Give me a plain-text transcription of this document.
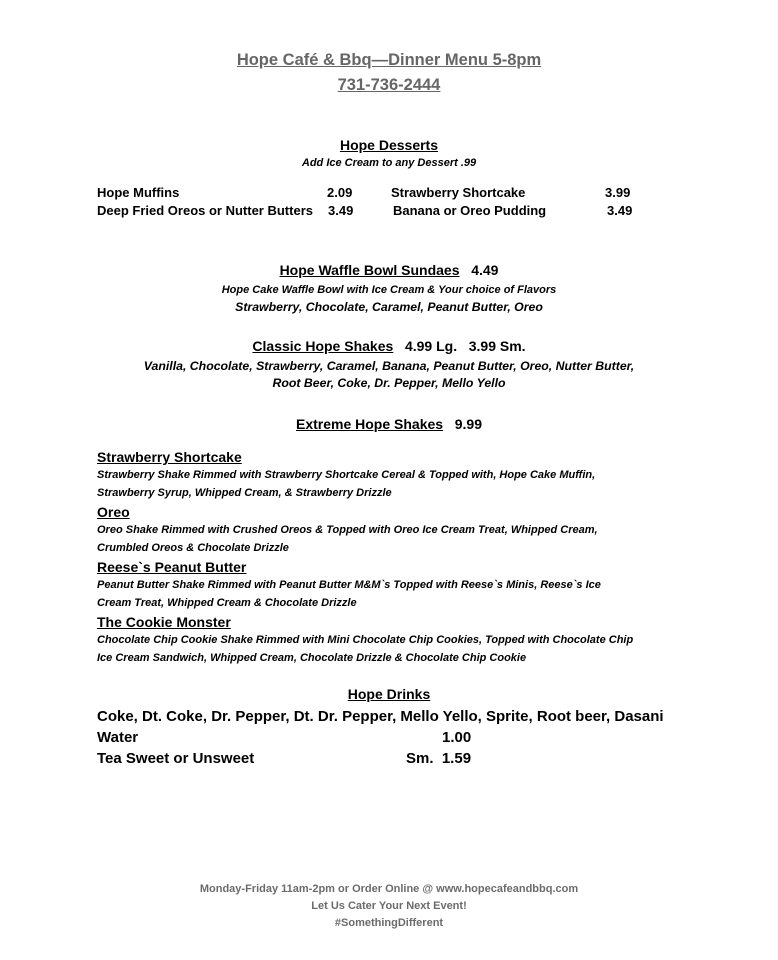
Hope Café & Bbq—Dinner Menu 5-8pm
731-736-2444
Hope Desserts
Add Ice Cream to any Dessert .99
Hope Muffins	2.09
Deep Fried Oreos or Nutter Butters 3.49
Strawberry Shortcake	3.99
Banana or Oreo Pudding	3.49
Hope Waffle Bowl Sundaes 4.49
Hope Cake Waffle Bowl with Ice Cream & Your choice of Flavors
Strawberry, Chocolate, Caramel, Peanut Butter, Oreo
Classic Hope Shakes 4.99 Lg.   3.99 Sm.
Vanilla, Chocolate, Strawberry, Caramel, Banana, Peanut Butter, Oreo, Nutter Butter,
Root Beer, Coke, Dr. Pepper, Mello Yello
Extreme Hope Shakes 9.99
Strawberry Shortcake
Strawberry Shake Rimmed with Strawberry Shortcake Cereal & Topped with, Hope Cake Muffin,
Strawberry Syrup, Whipped Cream, & Strawberry Drizzle
Oreo
Oreo Shake Rimmed with Crushed Oreos & Topped with Oreo Ice Cream Treat, Whipped Cream,
Crumbled Oreos & Chocolate Drizzle
Reese`s Peanut Butter
Peanut Butter Shake Rimmed with Peanut Butter M&M`s Topped with Reese`s Minis, Reese`s Ice
Cream Treat, Whipped Cream & Chocolate Drizzle
The Cookie Monster
Chocolate Chip Cookie Shake Rimmed with Mini Chocolate Chip Cookies, Topped with Chocolate Chip
Ice Cream Sandwich, Whipped Cream, Chocolate Drizzle & Chocolate Chip Cookie
Hope Drinks
Coke, Dt. Coke, Dr. Pepper, Dt. Dr. Pepper, Mello Yello, Sprite, Root beer, Dasani
Water	1.00
Tea Sweet or Unsweet	Sm.  1.59
Monday-Friday 11am-2pm or Order Online @ www.hopecafeandbbq.com
Let Us Cater Your Next Event!
#SomethingDifferent
